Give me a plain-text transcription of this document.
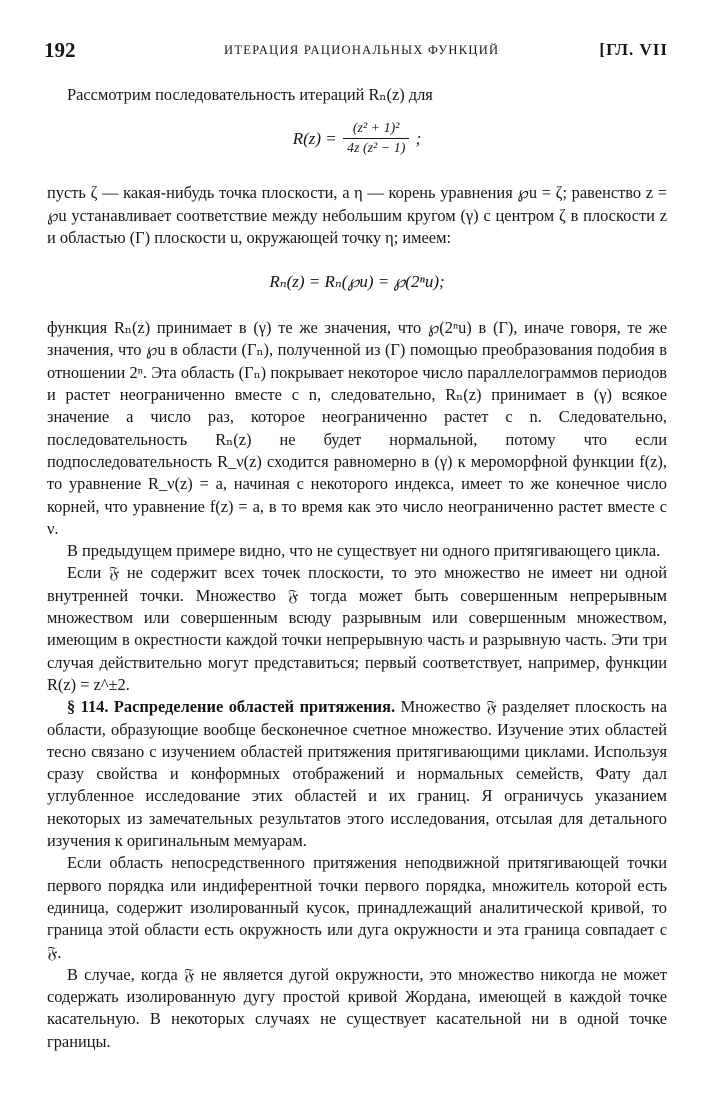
192	ИТЕРАЦИЯ РАЦИОНАЛЬНЫХ ФУНКЦИЙ	[ГЛ. VII

Рассмотрим последовательность итераций Rₙ(z) для

$R(z) = \frac{\text{(z² + 1)²}}{\text{4z (z² − 1)}}$ ;

пусть ζ — какая-нибудь точка плоскости, а η — корень уравнения ℘u = ζ; равенство z = ℘u устанавливает соответствие между небольшим кругом (γ) с центром ζ в плоскости z и областью (Γ) плоскости u, окружающей точку η; имеем:

Rₙ(z) = Rₙ(℘u) = ℘(2ⁿu);

функция Rₙ(z) принимает в (γ) те же значения, что ℘(2ⁿu) в (Γ), иначе говоря, те же значения, что ℘u в области (Γₙ), полученной из (Γ) помощью преобразования подобия в отношении 2ⁿ. Эта область (Γₙ) покрывает некоторое число параллелограммов периодов и растет неограниченно вместе с n, следовательно, Rₙ(z) принимает в (γ) всякое значение a число раз, которое неограниченно растет с n. Следовательно, последовательность Rₙ(z) не будет нормальной, потому что если подпоследовательность R_ν(z) сходится равномерно в (γ) к мероморфной функции f(z), то уравнение R_ν(z) = a, начиная с некоторого индекса, имеет то же конечное число корней, что уравнение f(z) = a, в то время как это число неограниченно растет вместе с ν.

В предыдущем примере видно, что не существует ни одного притягивающего цикла.

Если 𝔉 не содержит всех точек плоскости, то это множество не имеет ни одной внутренней точки. Множество 𝔉 тогда может быть совершенным непрерывным множеством или совершенным всюду разрывным или совершенным множеством, имеющим в окрестности каждой точки непрерывную часть и разрывную часть. Эти три случая действительно могут представиться; первый соответствует, например, функции R(z) = z^±2.

§ 114. Распределение областей притяжения. Множество 𝔉 разделяет плоскость на области, образующие вообще бесконечное счетное множество. Изучение этих областей тесно связано с изучением областей притяжения притягивающими циклами. Используя сразу свойства и конформных отображений и нормальных семейств, Фату дал углубленное исследование этих областей и их границ. Я ограничусь указанием некоторых из замечательных результатов этого исследования, отсылая для детального изучения к оригинальным мемуарам.

Если область непосредственного притяжения неподвижной притягивающей точки первого порядка или индиферентной точки первого порядка, множитель которой есть единица, содержит изолированный кусок, принадлежащий аналитической кривой, то граница этой области есть окружность или дуга окружности и эта граница совпадает с 𝔉.

В случае, когда 𝔉 не является дугой окружности, это множество никогда не может содержать изолированную дугу простой кривой Жордана, имеющей в каждой точке касательную. В некоторых случаях не существует касательной ни в одной точке границы.
